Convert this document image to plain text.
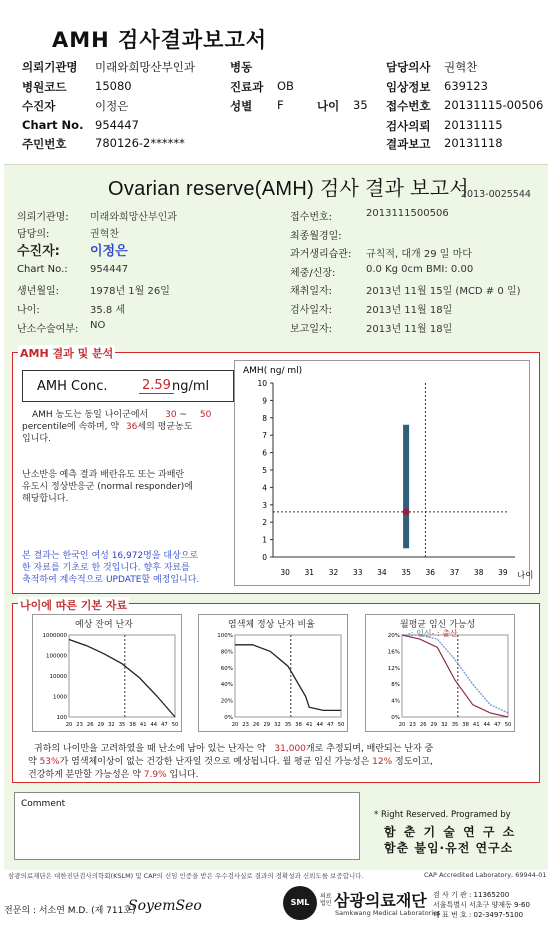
AMH 검사결과보고서
의뢰기관명 미래와희망산부인과
병원코드 15080
수진자	이정은
Chart No. 954447
주민번호 780126-2******
병동
진료과 OB
성별 F	나이 35
담당의사 권혁찬
임상정보 639123
접수번호 20131115-00506
검사의뢰 20131115
결과보고 20131118
Ovarian reserve(AMH) 검사 결과 보고서
2013-0025544
의뢰기관명: 미래와희망산부인과
담당의:	권혁찬
수진자: 이정은
Chart No.: 954447
생년월일:	1978년 1월 26일
나이:	35.8 세
난소수술여부: NO
접수번호:	2013111500506
최종월경일:
과거생리습관: 규칙적, 대개 29 일 마다
체중/신장:	0.0 Kg 0cm BMI: 0.00
채취일자:	2013년 11월 15일 (MCD # 0 일)
검사일자:	2013년 11월 18일
보고일자:	2013년 11월 18일
AMH 결과 및 분석
AMH Conc.	2.59 ng/ml
AMH 농도는 동일 나이군에서 30 ~ 50
percentile에 속하며, 약 36세의 평균농도
입니다.
난소반응 예측 결과 배란유도 또는 과배란
유도시 정상반응군 (normal responder)에
해당합니다.
본 결과는 한국인 여성 16,972명을 대상으로
한 자료를 기초로 한 것입니다. 향후 자료를
축적하여 계속적으로 UPDATE할 예정입니다.
AMH( ng/ ml)
0
1
2
3
4
5
6
7
8
9
10
30 31 32 33 34 35 36 37 38 39 나이
나이에 따른 기본 자료
20 23 26 29 32 35 38 41 44 47 50
1000000
100000
10000
1000
100
예상 잔여 난자
20 23 26 29 32 35 38 41 44 47 50
100%
80%
60%
40%
20%
0%
염색체 정상 난자 비율
20 23 26 29 32 35 38 41 44 47 50
20%
16%
12%
8%
4%
0%
월평균 임신 가능성
-: 임신- : 출산
귀하의 나이만을 고려하였을 때 난소에 남아 있는 난자는 약 31,000개로 추정되며, 배란되는 난자 중
약 53%가 염색체이상이 없는 건강한 난자일 것으로 예상됩니다. 월 평균 임신 가능성은 12% 정도이고,
건강하게 분만할 가능성은 약 7.9% 입니다.
Comment
* Right Reserved. Programed by
함 춘 기 술 연 구 소
함춘 불임·유전 연구소
삼광의료재단은 대한진단검사의학회(KSLM) 및 CAP의 신임 인증을 받은 우수검사실로 결과의 정확성과 신뢰도를 보증합니다.	CAP Accredited Laboratory, 69944-01
전문의 : 서소연 M.D. (제 711호)
SoyemSeo	SML
의료법인 삼광의료재단
Samkwang Medical Laboratories
검 사 기 관 : 11365200
서울특별시 서초구 양재동 9-60
대 표 번 호 : 02-3497-5100
